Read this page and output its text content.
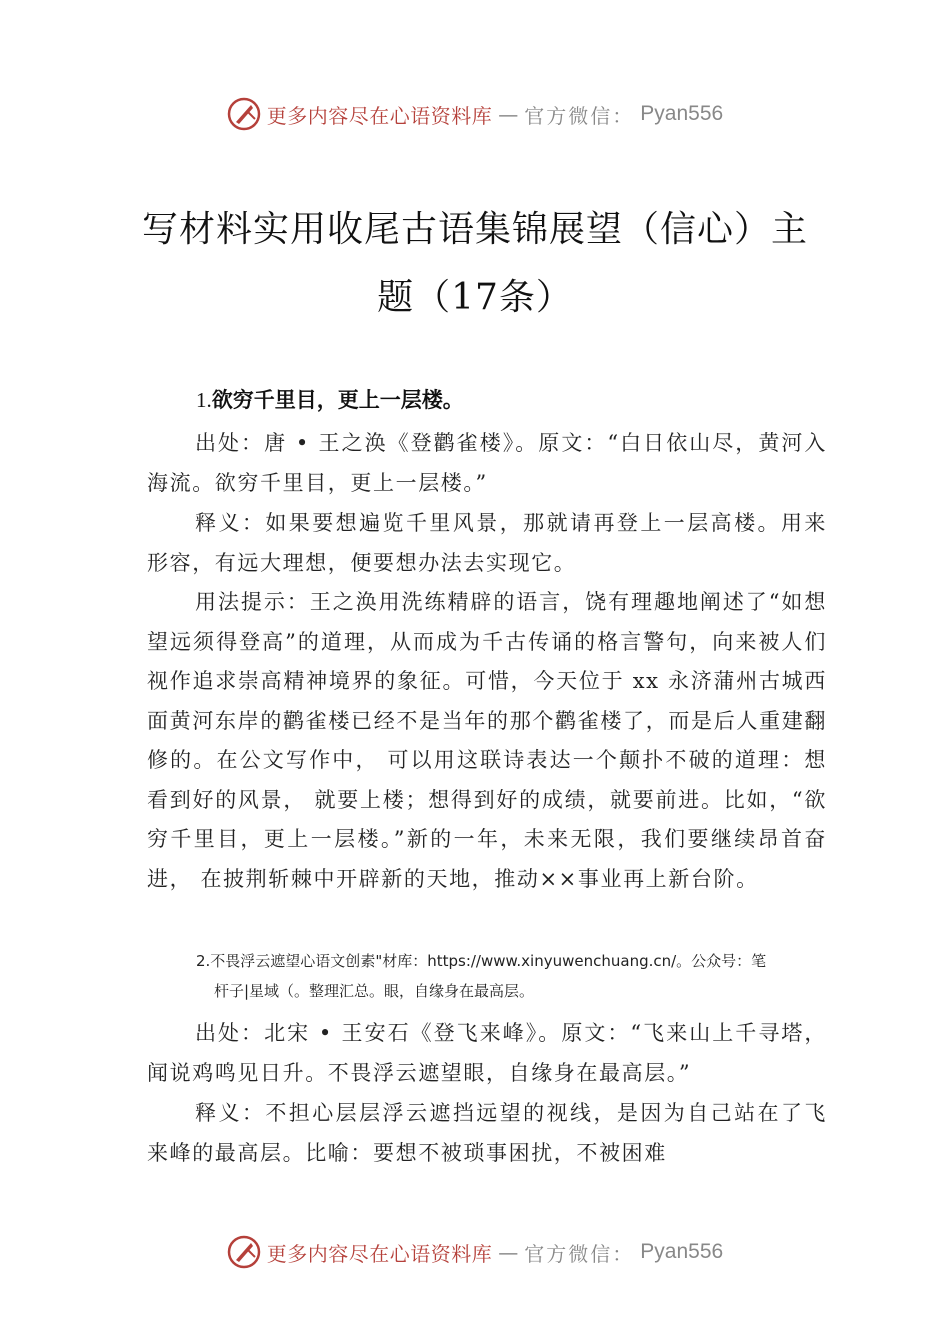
更多内容尽在心语资料库 — 官方微信： Pyan556
写材料实用收尾古语集锦展望（信心）主题（17条）
1.欲穷千里目，更上一层楼。
出处：唐 • 王之涣《登鹳雀楼》。原文：“白日依山尽，黄河入海流。欲穷千里目，更上一层楼。”
释义：如果要想遍览千里风景，那就请再登上一层高楼。用来形容，有远大理想，便要想办法去实现它。
用法提示：王之涣用洗练精辟的语言，饶有理趣地阐述了“如想望远须得登高”的道理，从而成为千古传诵的格言警句，向来被人们视作追求崇高精神境界的象征。可惜，今天位于 xx 永济蒲州古城西面黄河东岸的鹳雀楼已经不是当年的那个鹳雀楼了，而是后人重建翻修的。在公文写作中， 可以用这联诗表达一个颠扑不破的道理：想看到好的风景， 就要上楼；想得到好的成绩，就要前进。比如，“欲穷千里目，更上一层楼。”新的一年，未来无限，我们要继续昂首奋进， 在披荆斩棘中开辟新的天地，推动××事业再上新台阶。
2.不畏浮云遮望心语文创素"材库：https://www.xinyuwenchuang.cn/。公众号：笔
杆子|星域（。整理汇总。眼，自缘身在最高层。
出处：北宋 • 王安石《登飞来峰》。原文：“飞来山上千寻塔，闻说鸡鸣见日升。不畏浮云遮望眼，自缘身在最高层。”
释义：不担心层层浮云遮挡远望的视线，是因为自己站在了飞来峰的最高层。比喻：要想不被琐事困扰，不被困难
更多内容尽在心语资料库 — 官方微信： Pyan556
